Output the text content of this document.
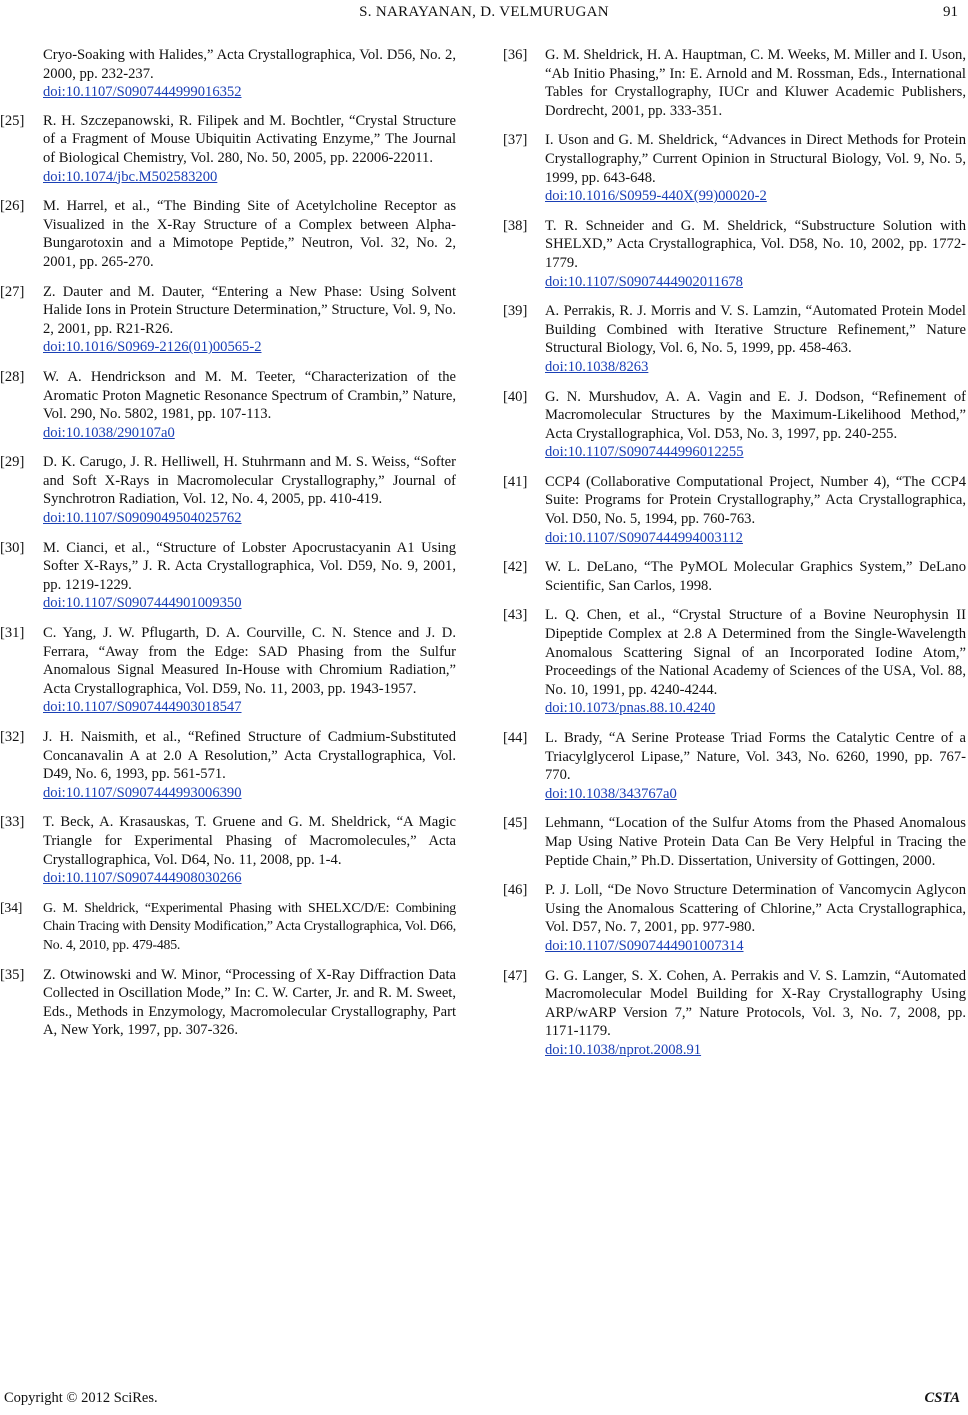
S. NARAYANAN, D. VELMURUGAN	91
Cryo-Soaking with Halides,” Acta Crystallographica, Vol. D56, No. 2, 2000, pp. 232-237.
doi:10.1107/S0907444999016352
[25]	R. H. Szczepanowski, R. Filipek and M. Bochtler, “Crystal Structure of a Fragment of Mouse Ubiquitin Activating Enzyme,” The Journal of Biological Chemistry, Vol. 280, No. 50, 2005, pp. 22006-22011.
doi:10.1074/jbc.M502583200
[26]	M. Harrel, et al., “The Binding Site of Acetylcholine Receptor as Visualized in the X-Ray Structure of a Complex between Alpha-Bungarotoxin and a Mimotope Peptide,” Neutron, Vol. 32, No. 2, 2001, pp. 265-270.
[27]	Z. Dauter and M. Dauter, “Entering a New Phase: Using Solvent Halide Ions in Protein Structure Determination,” Structure, Vol. 9, No. 2, 2001, pp. R21-R26.
doi:10.1016/S0969-2126(01)00565-2
[28]	W. A. Hendrickson and M. M. Teeter, “Characterization of the Aromatic Proton Magnetic Resonance Spectrum of Crambin,” Nature, Vol. 290, No. 5802, 1981, pp. 107-113.
doi:10.1038/290107a0
[29]	D. K. Carugo, J. R. Helliwell, H. Stuhrmann and M. S. Weiss, “Softer and Soft X-Rays in Macromolecular Crystallography,” Journal of Synchrotron Radiation, Vol. 12, No. 4, 2005, pp. 410-419.
doi:10.1107/S0909049504025762
[30]	M. Cianci, et al., “Structure of Lobster Apocrustacyanin A1 Using Softer X-Rays,” J. R. Acta Crystallographica, Vol. D59, No. 9, 2001, pp. 1219-1229.
doi:10.1107/S0907444901009350
[31]	C. Yang, J. W. Pflugarth, D. A. Courville, C. N. Stence and J. D. Ferrara, “Away from the Edge: SAD Phasing from the Sulfur Anomalous Signal Measured In-House with Chromium Radiation,” Acta Crystallographica, Vol. D59, No. 11, 2003, pp. 1943-1957.
doi:10.1107/S0907444903018547
[32]	J. H. Naismith, et al., “Refined Structure of Cadmium-Substituted Concanavalin A at 2.0 A Resolution,” Acta Crystallographica, Vol. D49, No. 6, 1993, pp. 561-571.
doi:10.1107/S0907444993006390
[33]	T. Beck, A. Krasauskas, T. Gruene and G. M. Sheldrick, “A Magic Triangle for Experimental Phasing of Macromolecules,” Acta Crystallographica, Vol. D64, No. 11, 2008, pp. 1-4.
doi:10.1107/S0907444908030266
[34]	G. M. Sheldrick, “Experimental Phasing with SHELXC/D/E: Combining Chain Tracing with Density Modification,” Acta Crystallographica, Vol. D66, No. 4, 2010, pp. 479-485.
[35]	Z. Otwinowski and W. Minor, “Processing of X-Ray Diffraction Data Collected in Oscillation Mode,” In: C. W. Carter, Jr. and R. M. Sweet, Eds., Methods in Enzymology, Macromolecular Crystallography, Part A, New York, 1997, pp. 307-326.
[36]	G. M. Sheldrick, H. A. Hauptman, C. M. Weeks, M. Miller and I. Uson, “Ab Initio Phasing,” In: E. Arnold and M. Rossman, Eds., International Tables for Crystallography, IUCr and Kluwer Academic Publishers, Dordrecht, 2001, pp. 333-351.
[37]	I. Uson and G. M. Sheldrick, “Advances in Direct Methods for Protein Crystallography,” Current Opinion in Structural Biology, Vol. 9, No. 5, 1999, pp. 643-648.
doi:10.1016/S0959-440X(99)00020-2
[38]	T. R. Schneider and G. M. Sheldrick, “Substructure Solution with SHELXD,” Acta Crystallographica, Vol. D58, No. 10, 2002, pp. 1772-1779.
doi:10.1107/S0907444902011678
[39]	A. Perrakis, R. J. Morris and V. S. Lamzin, “Automated Protein Model Building Combined with Iterative Structure Refinement,” Nature Structural Biology, Vol. 6, No. 5, 1999, pp. 458-463.
doi:10.1038/8263
[40]	G. N. Murshudov, A. A. Vagin and E. J. Dodson, “Refinement of Macromolecular Structures by the Maximum-Likelihood Method,” Acta Crystallographica, Vol. D53, No. 3, 1997, pp. 240-255.
doi:10.1107/S0907444996012255
[41]	CCP4 (Collaborative Computational Project, Number 4), “The CCP4 Suite: Programs for Protein Crystallography,” Acta Crystallographica, Vol. D50, No. 5, 1994, pp. 760-763.
doi:10.1107/S0907444994003112
[42]	W. L. DeLano, “The PyMOL Molecular Graphics System,” DeLano Scientific, San Carlos, 1998.
[43]	L. Q. Chen, et al., “Crystal Structure of a Bovine Neurophysin II Dipeptide Complex at 2.8 A Determined from the Single-Wavelength Anomalous Scattering Signal of an Incorporated Iodine Atom,” Proceedings of the National Academy of Sciences of the USA, Vol. 88, No. 10, 1991, pp. 4240-4244.
doi:10.1073/pnas.88.10.4240
[44]	L. Brady, “A Serine Protease Triad Forms the Catalytic Centre of a Triacylglycerol Lipase,” Nature, Vol. 343, No. 6260, 1990, pp. 767-770.
doi:10.1038/343767a0
[45]	Lehmann, “Location of the Sulfur Atoms from the Phased Anomalous Map Using Native Protein Data Can Be Very Helpful in Tracing the Peptide Chain,” Ph.D. Dissertation, University of Gottingen, 2000.
[46]	P. J. Loll, “De Novo Structure Determination of Vancomycin Aglycon Using the Anomalous Scattering of Chlorine,” Acta Crystallographica, Vol. D57, No. 7, 2001, pp. 977-980.
doi:10.1107/S0907444901007314
[47]	G. G. Langer, S. X. Cohen, A. Perrakis and V. S. Lamzin, “Automated Macromolecular Model Building for X-Ray Crystallography Using ARP/wARP Version 7,” Nature Protocols, Vol. 3, No. 7, 2008, pp. 1171-1179.
doi:10.1038/nprot.2008.91
Copyright © 2012 SciRes.	CSTA
